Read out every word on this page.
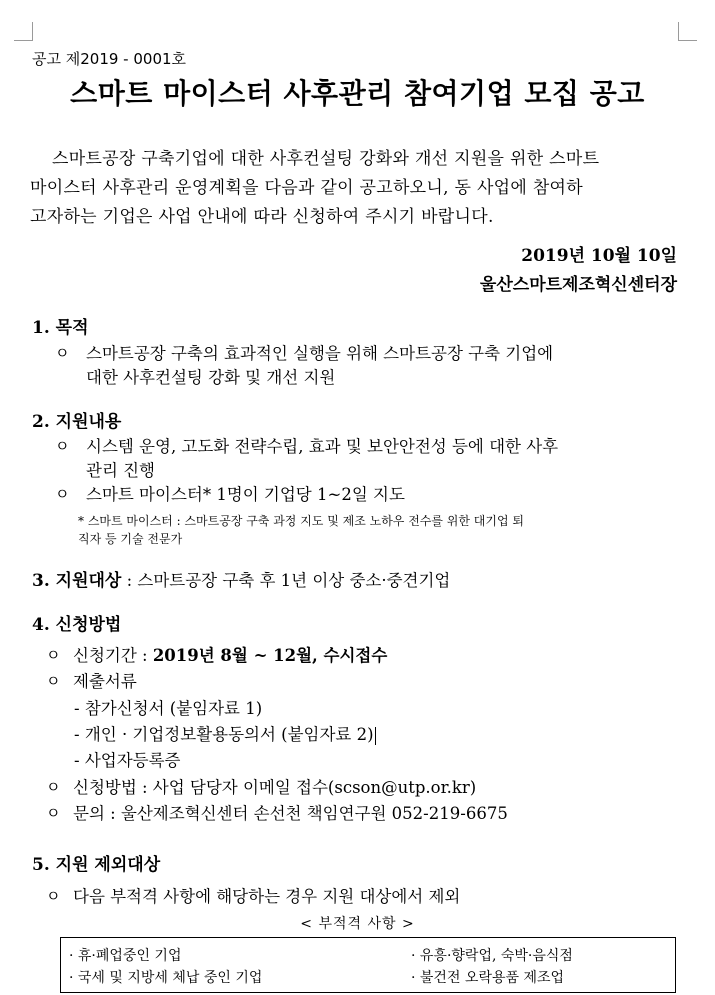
공고 제2019 - 0001호
스마트 마이스터 사후관리 참여기업 모집 공고
스마트공장 구축기업에 대한 사후컨설팅 강화와 개선 지원을 위한 스마트
마이스터 사후관리 운영계획을 다음과 같이 공고하오니, 동 사업에 참여하
고자하는 기업은 사업 안내에 따라 신청하여 주시기 바랍니다.
2019년 10월 10일
울산스마트제조혁신센터장
1. 목적
ㅇ 스마트공장 구축의 효과적인 실행을 위해 스마트공장 구축 기업에
대한 사후컨설팅 강화 및 개선 지원
2. 지원내용
ㅇ 시스템 운영, 고도화 전략수립, 효과 및 보안안전성 등에 대한 사후
관리 진행
ㅇ 스마트 마이스터* 1명이 기업당 1~2일 지도
* 스마트 마이스터 : 스마트공장 구축 과정 지도 및 제조 노하우 전수를 위한 대기업 퇴
직자 등 기술 전문가
3. 지원대상 : 스마트공장 구축 후 1년 이상 중소·중견기업
4. 신청방법
ㅇ 신청기간 : 2019년 8월 ~ 12월, 수시접수
ㅇ 제출서류
- 참가신청서 (붙임자료 1)
- 개인 · 기업정보활용동의서 (붙임자료 2)
- 사업자등록증
ㅇ 신청방법 : 사업 담당자 이메일 접수(scson@utp.or.kr)
ㅇ 문의 : 울산제조혁신센터 손선천 책임연구원 052-219-6675
5. 지원 제외대상
ㅇ 다음 부적격 사항에 해당하는 경우 지원 대상에서 제외
< 부적격 사항 >
· 휴·폐업중인 기업	· 유흥·향락업, 숙박·음식점
· 국세 및 지방세 체납 중인 기업	· 불건전 오락용품 제조업
